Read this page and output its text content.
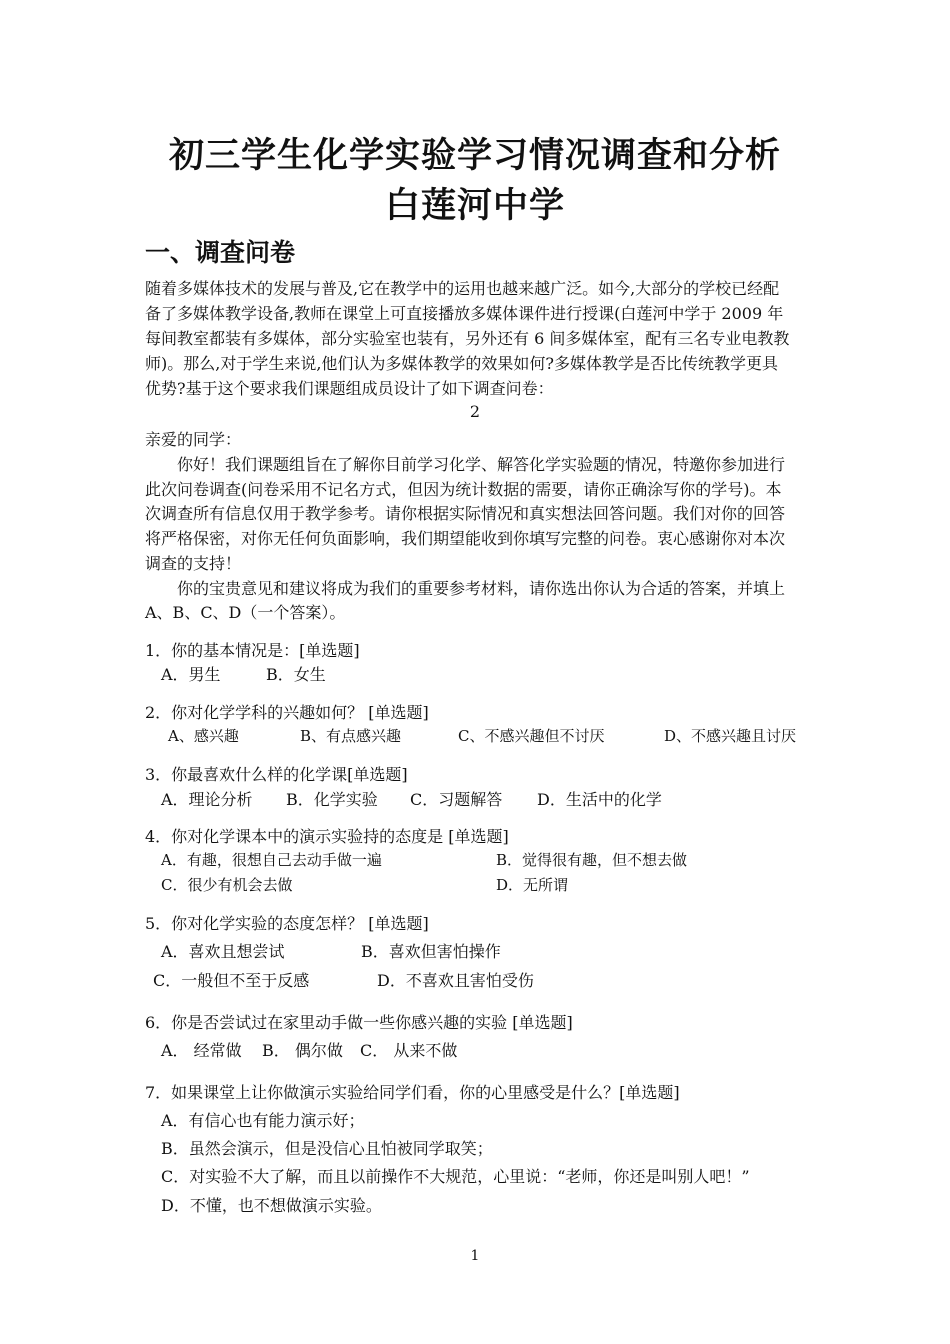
初三学生化学实验学习情况调查和分析
白莲河中学
一、调查问卷
随着多媒体技术的发展与普及,它在教学中的运用也越来越广泛。如今,大部分的学校已经配
备了多媒体教学设备,教师在课堂上可直接播放多媒体课件进行授课(白莲河中学于 2009 年
每间教室都装有多媒体，部分实验室也装有，另外还有 6 间多媒体室，配有三名专业电教教
师)。那么,对于学生来说,他们认为多媒体教学的效果如何?多媒体教学是否比传统教学更具
优势?基于这个要求我们课题组成员设计了如下调查问卷：
2
亲爱的同学：
你好！我们课题组旨在了解你目前学习化学、解答化学实验题的情况，特邀你参加进行
此次问卷调查(问卷采用不记名方式，但因为统计数据的需要，请你正确涂写你的学号)。本
次调查所有信息仅用于教学参考。请你根据实际情况和真实想法回答问题。我们对你的回答
将严格保密，对你无任何负面影响，我们期望能收到你填写完整的问卷。衷心感谢你对本次
调查的支持！
你的宝贵意见和建议将成为我们的重要参考材料，请你选出你认为合适的答案，并填上
A、B、C、D（一个答案）。
1．你的基本情况是：[单选题]
A．男生	B．女生
2．你对化学学科的兴趣如何？ [单选题]
A、感兴趣	B、有点感兴趣	C、不感兴趣但不讨厌	D、不感兴趣且讨厌
3．你最喜欢什么样的化学课[单选题]
A．理论分析 B．化学实验 C．习题解答 D．生活中的化学
4．你对化学课本中的演示实验持的态度是 [单选题]
A．有趣，很想自己去动手做一遍	B．觉得很有趣，但不想去做
C．很少有机会去做	D．无所谓
5．你对化学实验的态度怎样？ [单选题]
A．喜欢且想尝试	B．喜欢但害怕操作
C．一般但不至于反感	D．不喜欢且害怕受伤
6．你是否尝试过在家里动手做一些你感兴趣的实验 [单选题]
A． 经常做 B． 偶尔做 C． 从来不做
7．如果课堂上让你做演示实验给同学们看，你的心里感受是什么？[单选题]
A．有信心也有能力演示好；
B．虽然会演示，但是没信心且怕被同学取笑；
C．对实验不大了解，而且以前操作不大规范，心里说：“老师，你还是叫别人吧！”
D．不懂，也不想做演示实验。
1
